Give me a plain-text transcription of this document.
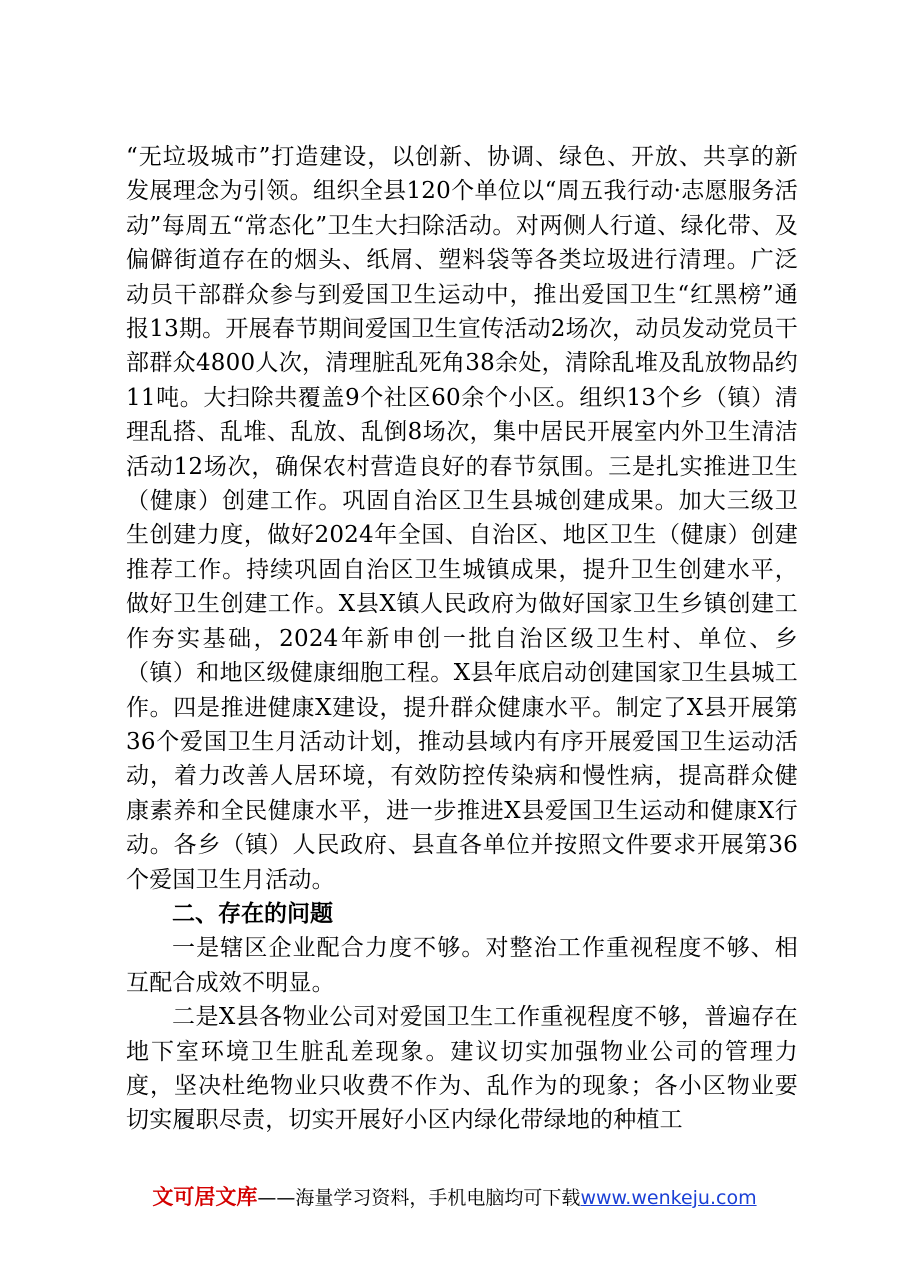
“无垃圾城市”打造建设，以创新、协调、绿色、开放、共享的新发展理念为引领。组织全县120个单位以“周五我行动·志愿服务活动”每周五“常态化”卫生大扫除活动。对两侧人行道、绿化带、及偏僻街道存在的烟头、纸屑、塑料袋等各类垃圾进行清理。广泛动员干部群众参与到爱国卫生运动中，推出爱国卫生“红黑榜”通报13期。开展春节期间爱国卫生宣传活动2场次，动员发动党员干部群众4800人次，清理脏乱死角38余处，清除乱堆及乱放物品约11吨。大扫除共覆盖9个社区60余个小区。组织13个乡（镇）清理乱搭、乱堆、乱放、乱倒8场次，集中居民开展室内外卫生清洁活动12场次，确保农村营造良好的春节氛围。三是扎实推进卫生（健康）创建工作。巩固自治区卫生县城创建成果。加大三级卫生创建力度，做好2024年全国、自治区、地区卫生（健康）创建推荐工作。持续巩固自治区卫生城镇成果，提升卫生创建水平，做好卫生创建工作。X县X镇人民政府为做好国家卫生乡镇创建工作夯实基础，2024年新申创一批自治区级卫生村、单位、乡（镇）和地区级健康细胞工程。X县年底启动创建国家卫生县城工作。四是推进健康X建设，提升群众健康水平。制定了X县开展第36个爱国卫生月活动计划，推动县域内有序开展爱国卫生运动活动，着力改善人居环境，有效防控传染病和慢性病，提高群众健康素养和全民健康水平，进一步推进X县爱国卫生运动和健康X行动。各乡（镇）人民政府、县直各单位并按照文件要求开展第36个爱国卫生月活动。

二、存在的问题

一是辖区企业配合力度不够。对整治工作重视程度不够、相互配合成效不明显。

二是X县各物业公司对爱国卫生工作重视程度不够，普遍存在地下室环境卫生脏乱差现象。建议切实加强物业公司的管理力度，坚决杜绝物业只收费不作为、乱作为的现象；各小区物业要切实履职尽责，切实开展好小区内绿化带绿地的种植工

文可居文库——海量学习资料，手机电脑均可下载www.wenkeju.com
